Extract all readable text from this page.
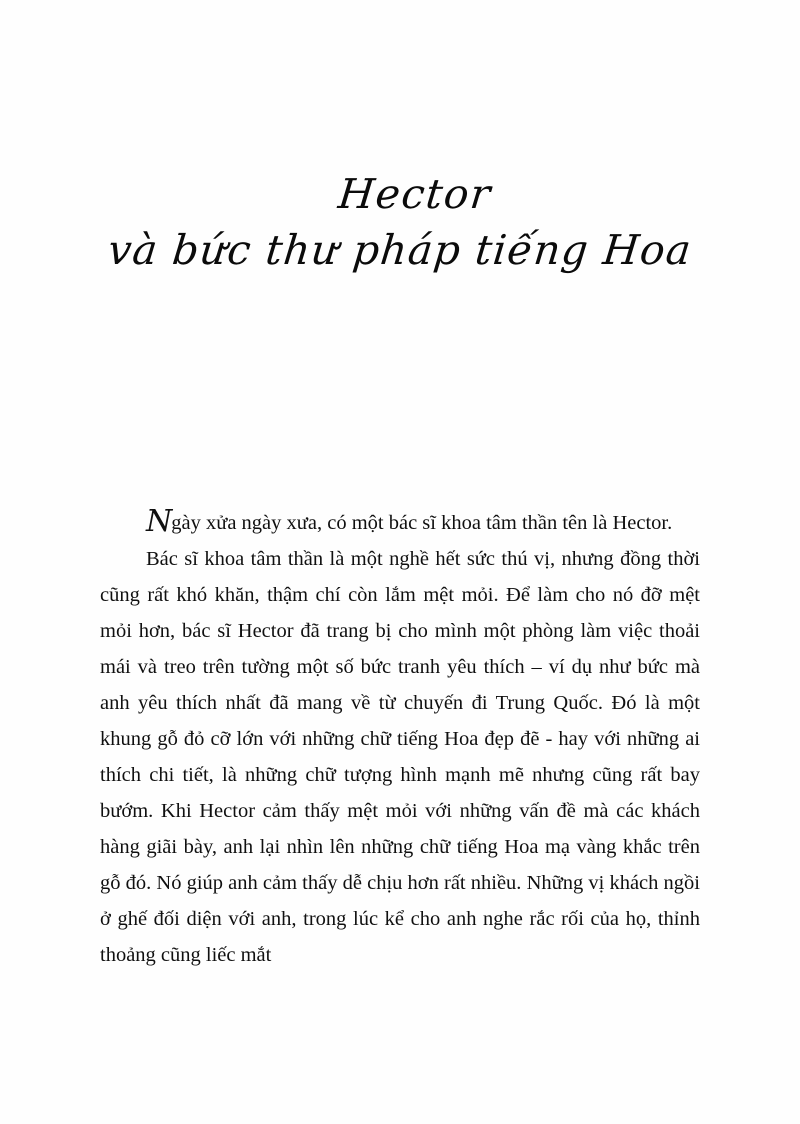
Hector
và bức thư pháp tiếng Hoa

Ngày xửa ngày xưa, có một bác sĩ khoa tâm thần tên là Hector.

Bác sĩ khoa tâm thần là một nghề hết sức thú vị, nhưng đồng thời cũng rất khó khăn, thậm chí còn lắm mệt mỏi. Để làm cho nó đỡ mệt mỏi hơn, bác sĩ Hector đã trang bị cho mình một phòng làm việc thoải mái và treo trên tường một số bức tranh yêu thích – ví dụ như bức mà anh yêu thích nhất đã mang về từ chuyến đi Trung Quốc. Đó là một khung gỗ đỏ cỡ lớn với những chữ tiếng Hoa đẹp đẽ - hay với những ai thích chi tiết, là những chữ tượng hình mạnh mẽ nhưng cũng rất bay bướm. Khi Hector cảm thấy mệt mỏi với những vấn đề mà các khách hàng giãi bày, anh lại nhìn lên những chữ tiếng Hoa mạ vàng khắc trên gỗ đó. Nó giúp anh cảm thấy dễ chịu hơn rất nhiều. Những vị khách ngồi ở ghế đối diện với anh, trong lúc kể cho anh nghe rắc rối của họ, thỉnh thoảng cũng liếc mắt
